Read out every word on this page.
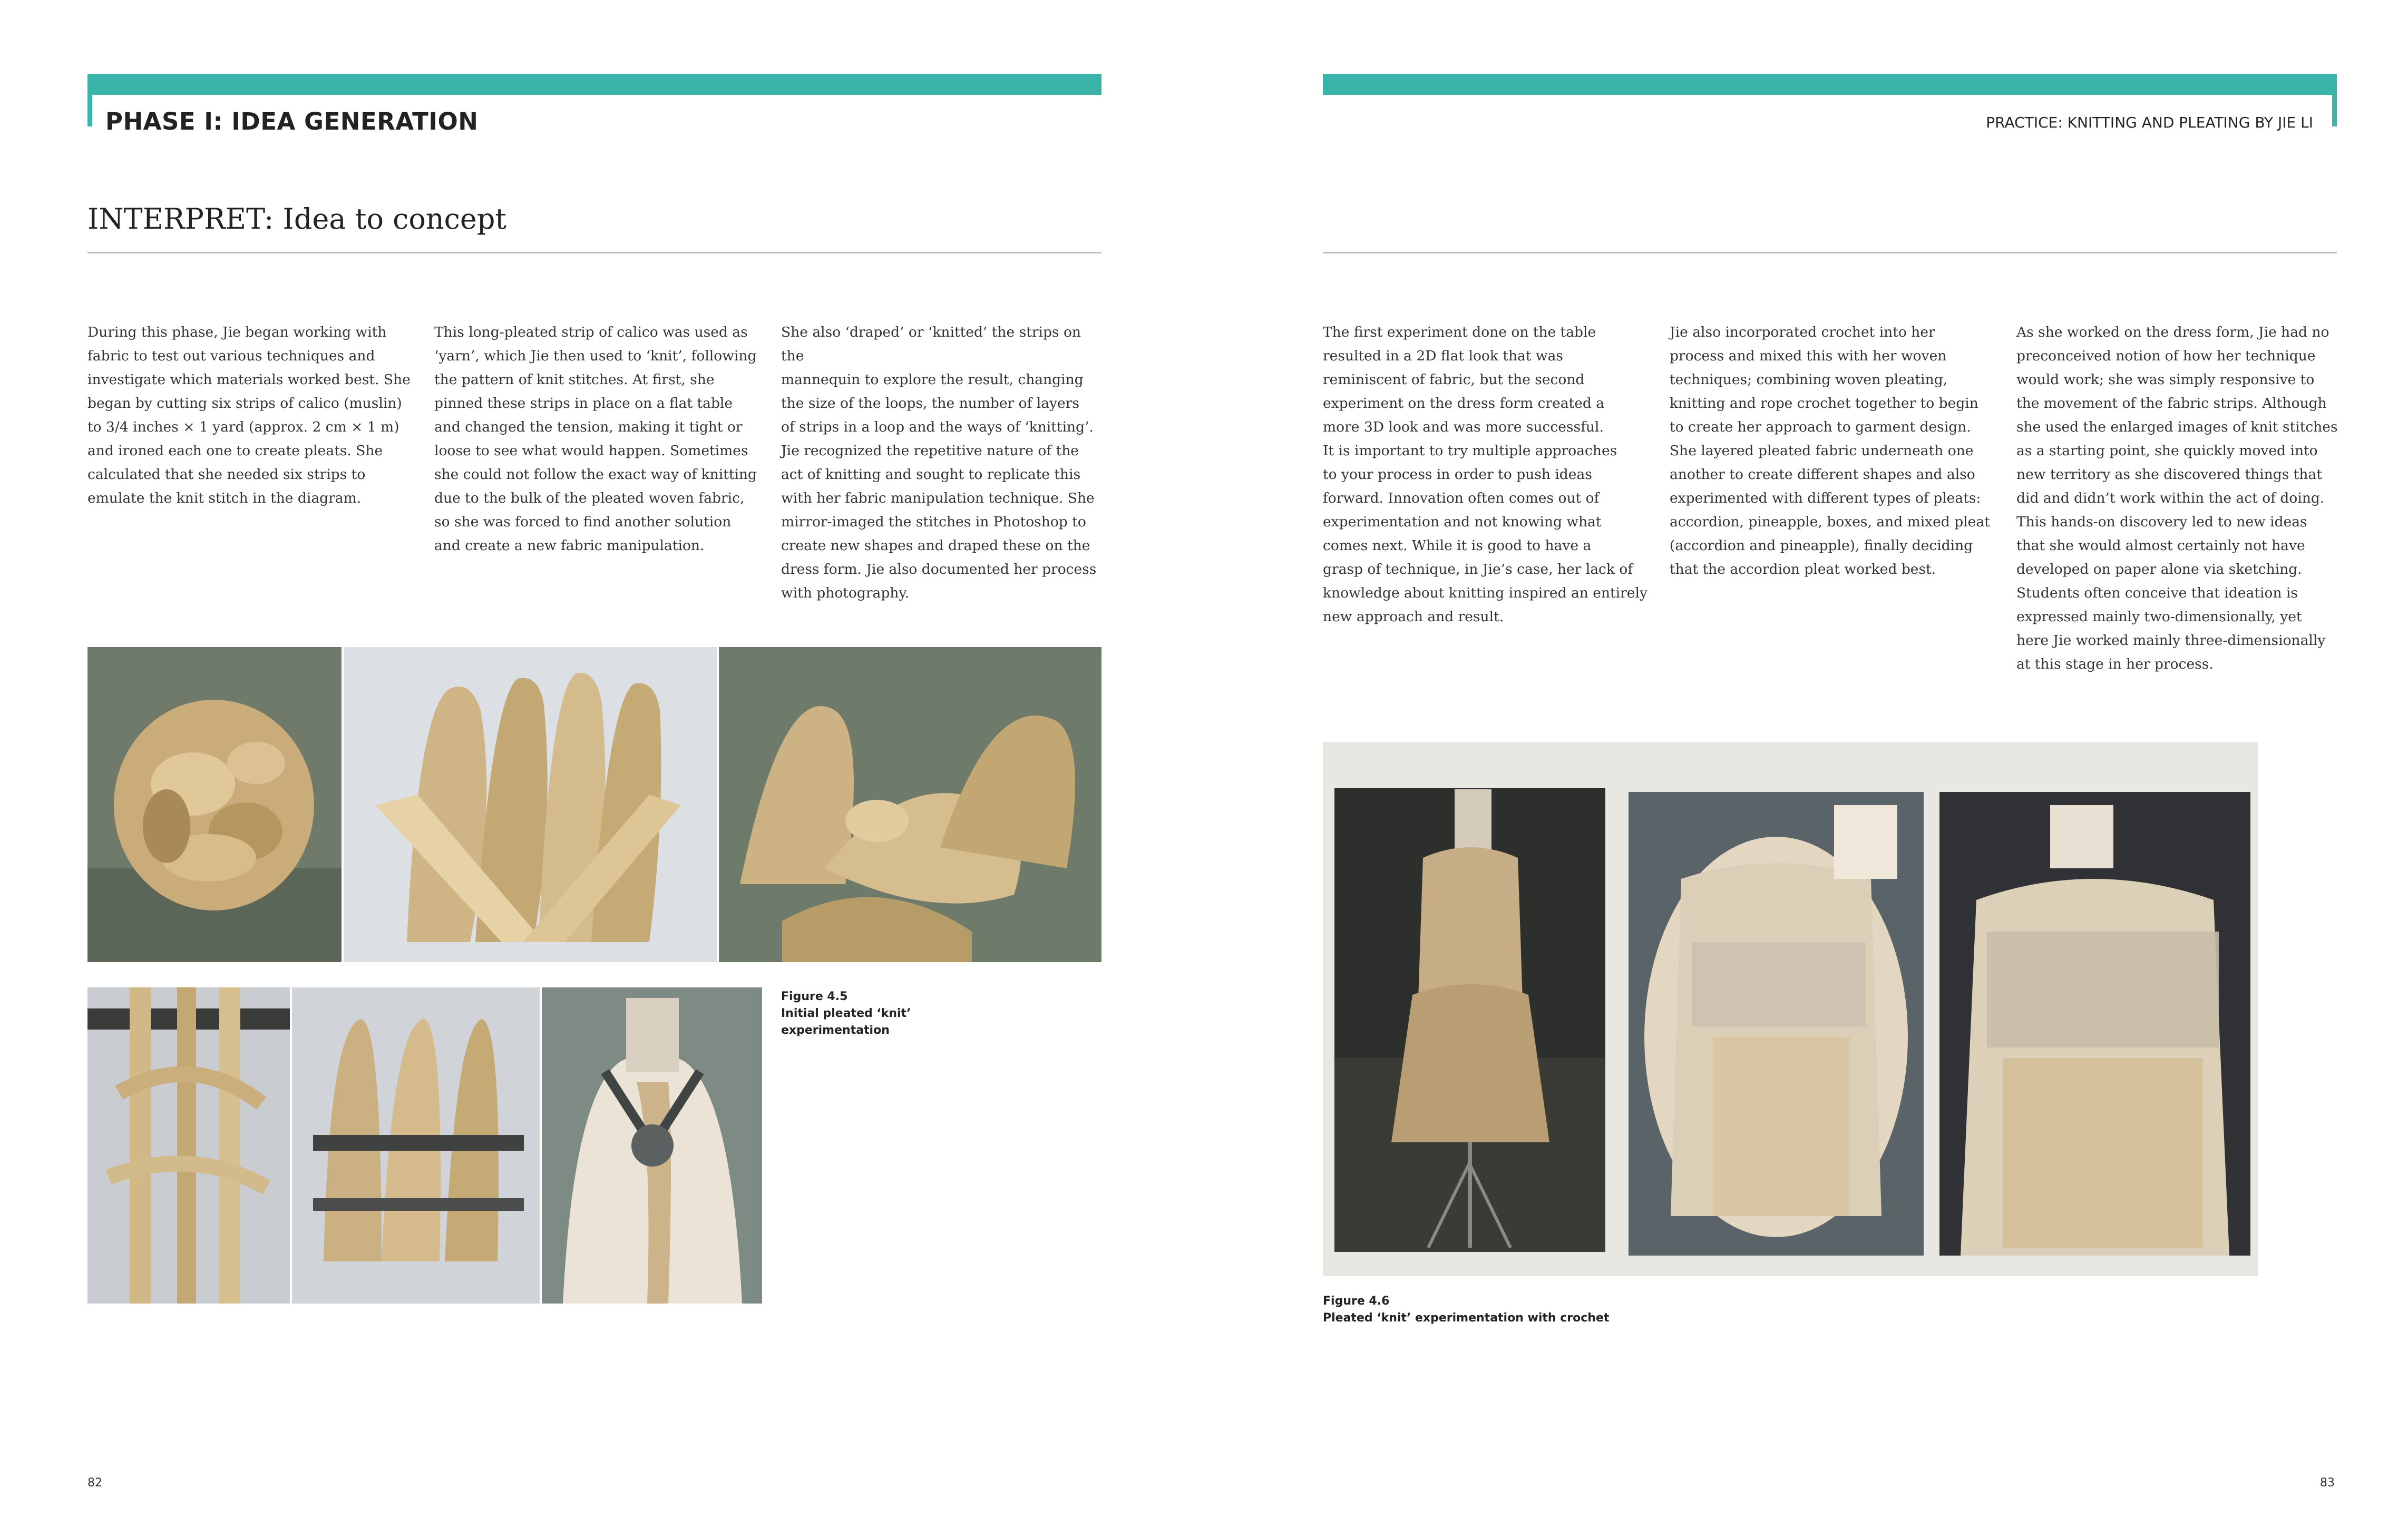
PHASE I: IDEA GENERATION
INTERPRET: Idea to concept
During this phase, Jie began working with
fabric to test out various techniques and
investigate which materials worked best. She
began by cutting six strips of calico (muslin)
to 3/4 inches × 1 yard (approx. 2 cm × 1 m)
and ironed each one to create pleats. She
calculated that she needed six strips to
emulate the knit stitch in the diagram.
This long-pleated strip of calico was used as
‘yarn’, which Jie then used to ‘knit’, following
the pattern of knit stitches. At first, she
pinned these strips in place on a flat table
and changed the tension, making it tight or
loose to see what would happen. Sometimes
she could not follow the exact way of knitting
due to the bulk of the pleated woven fabric,
so she was forced to find another solution
and create a new fabric manipulation.
She also ‘draped’ or ‘knitted’ the strips on the
mannequin to explore the result, changing
the size of the loops, the number of layers
of strips in a loop and the ways of ‘knitting’.
Jie recognized the repetitive nature of the
act of knitting and sought to replicate this
with her fabric manipulation technique. She
mirror-imaged the stitches in Photoshop to
create new shapes and draped these on the
dress form. Jie also documented her process
with photography.
Figure 4.5
Initial pleated ‘knit’
experimentation
82
PRACTICE: KNITTING AND PLEATING BY JIE LI
The first experiment done on the table
resulted in a 2D flat look that was
reminiscent of fabric, but the second
experiment on the dress form created a
more 3D look and was more successful.
It is important to try multiple approaches
to your process in order to push ideas
forward. Innovation often comes out of
experimentation and not knowing what
comes next. While it is good to have a
grasp of technique, in Jie’s case, her lack of
knowledge about knitting inspired an entirely
new approach and result.
Jie also incorporated crochet into her
process and mixed this with her woven
techniques; combining woven pleating,
knitting and rope crochet together to begin
to create her approach to garment design.
She layered pleated fabric underneath one
another to create different shapes and also
experimented with different types of pleats:
accordion, pineapple, boxes, and mixed pleat
(accordion and pineapple), finally deciding
that the accordion pleat worked best.
As she worked on the dress form, Jie had no
preconceived notion of how her technique
would work; she was simply responsive to
the movement of the fabric strips. Although
she used the enlarged images of knit stitches
as a starting point, she quickly moved into
new territory as she discovered things that
did and didn’t work within the act of doing.
This hands-on discovery led to new ideas
that she would almost certainly not have
developed on paper alone via sketching.
Students often conceive that ideation is
expressed mainly two-dimensionally, yet
here Jie worked mainly three-dimensionally
at this stage in her process.
Figure 4.6
Pleated ‘knit’ experimentation with crochet
83
